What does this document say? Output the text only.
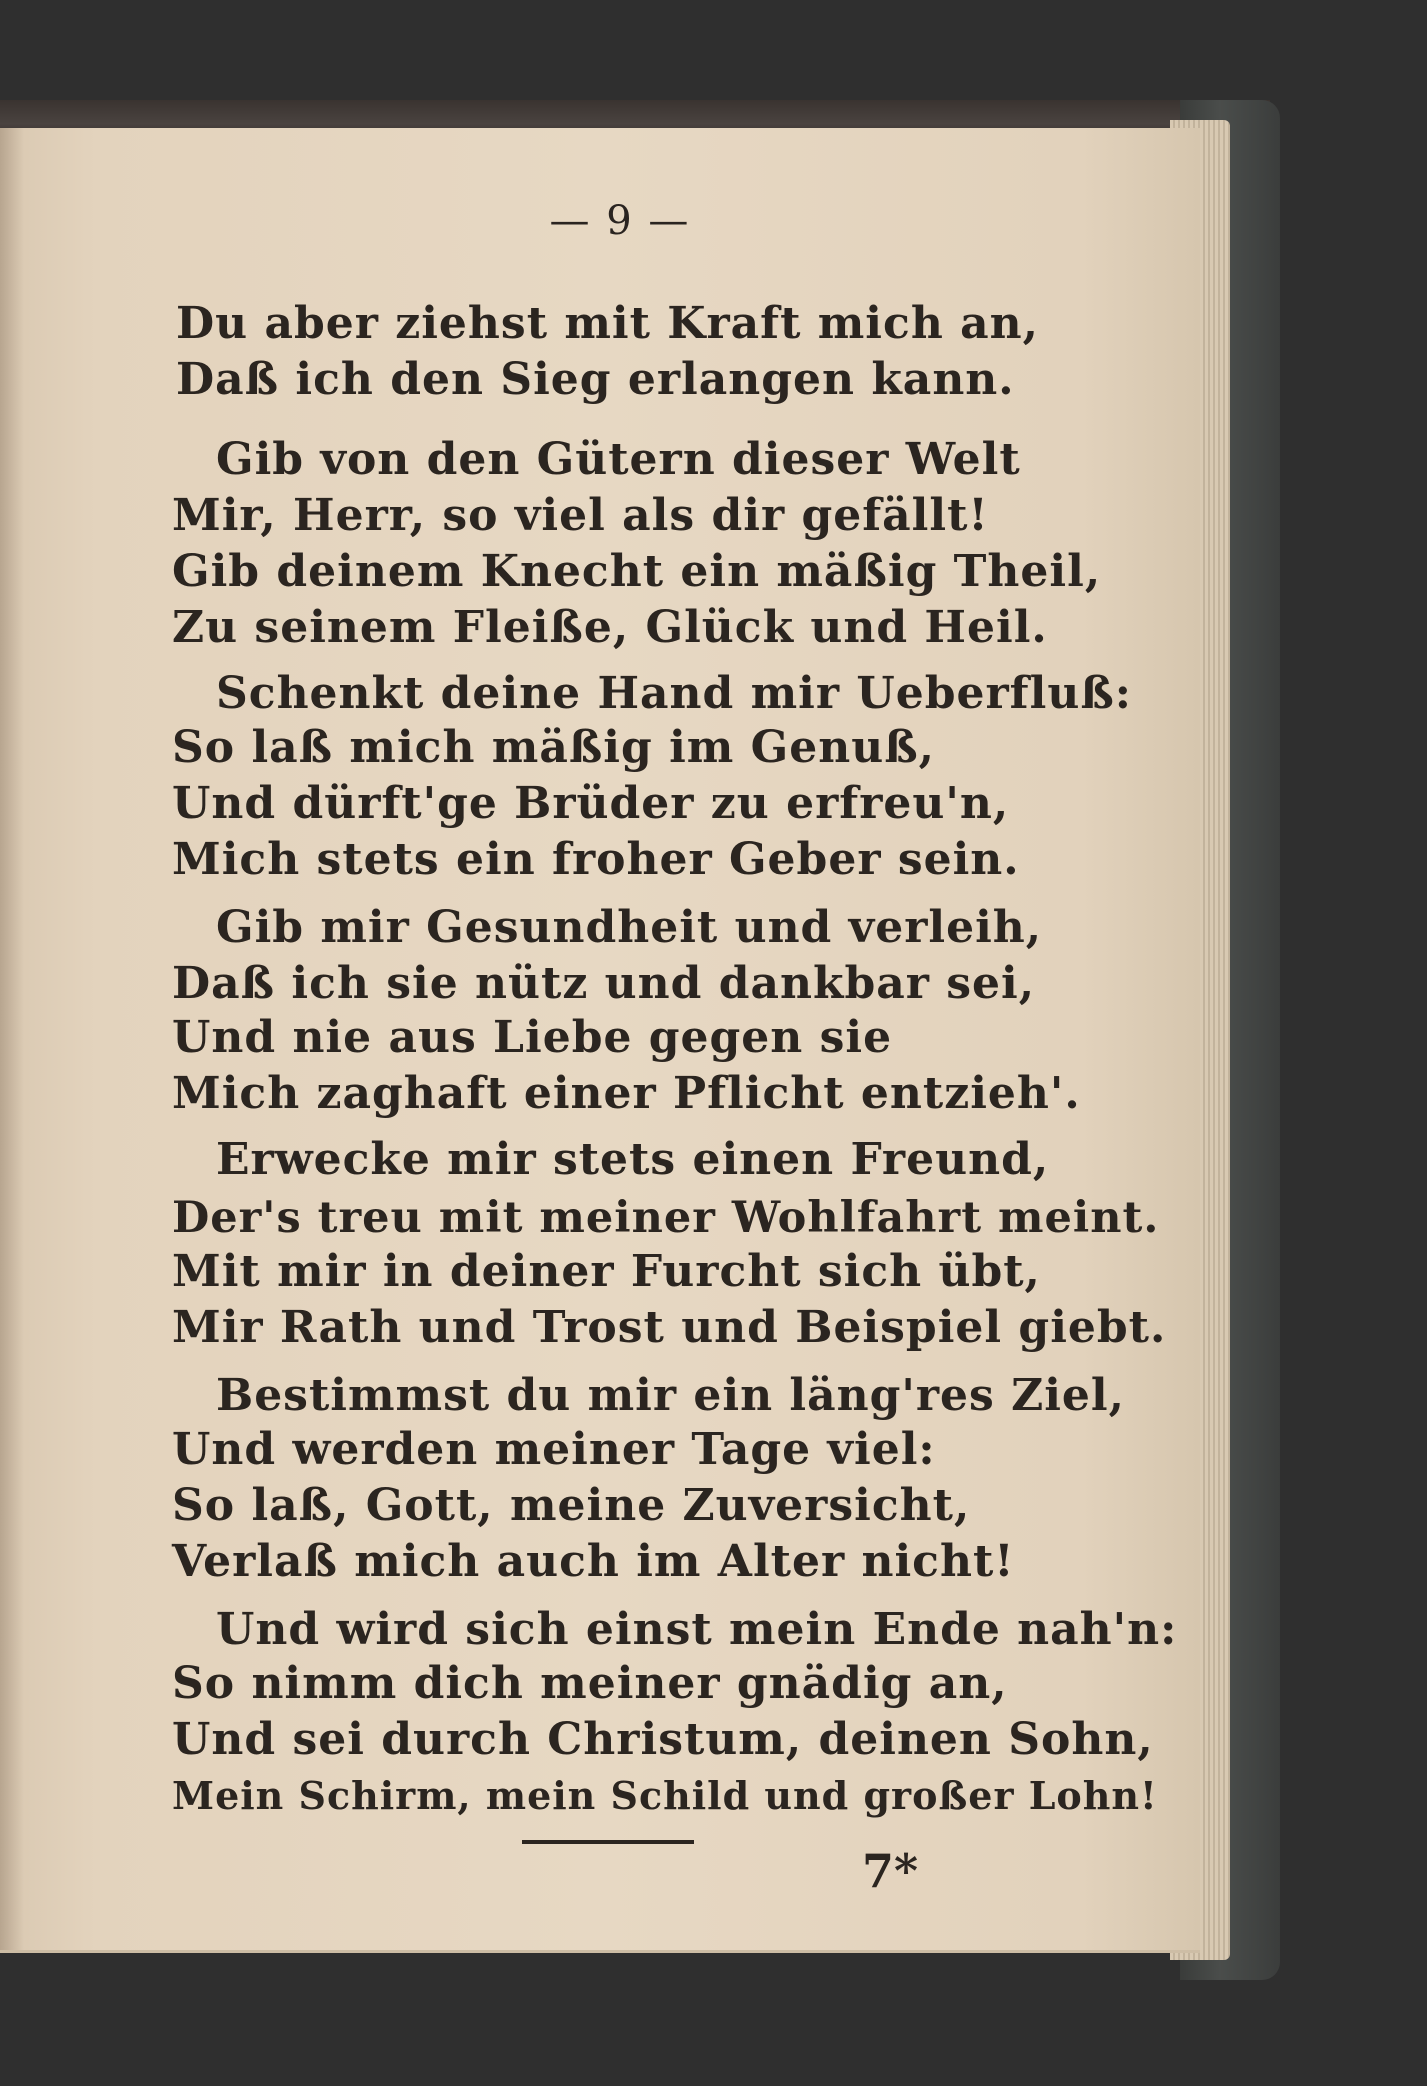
— 9 —
Du aber ziehst mit Kraft mich an,
Daß ich den Sieg erlangen kann.
Gib von den Gütern dieser Welt
Mir, Herr, so viel als dir gefällt!
Gib deinem Knecht ein mäßig Theil,
Zu seinem Fleiße, Glück und Heil.
Schenkt deine Hand mir Ueberfluß:
So laß mich mäßig im Genuß,
Und dürft'ge Brüder zu erfreu'n,
Mich stets ein froher Geber sein.
Gib mir Gesundheit und verleih,
Daß ich sie nütz und dankbar sei,
Und nie aus Liebe gegen sie
Mich zaghaft einer Pflicht entzieh'.
Erwecke mir stets einen Freund,
Der's treu mit meiner Wohlfahrt meint.
Mit mir in deiner Furcht sich übt,
Mir Rath und Trost und Beispiel giebt.
Bestimmst du mir ein läng'res Ziel,
Und werden meiner Tage viel:
So laß, Gott, meine Zuversicht,
Verlaß mich auch im Alter nicht!
Und wird sich einst mein Ende nah'n:
So nimm dich meiner gnädig an,
Und sei durch Christum, deinen Sohn,
Mein Schirm, mein Schild und großer Lohn!
7*
